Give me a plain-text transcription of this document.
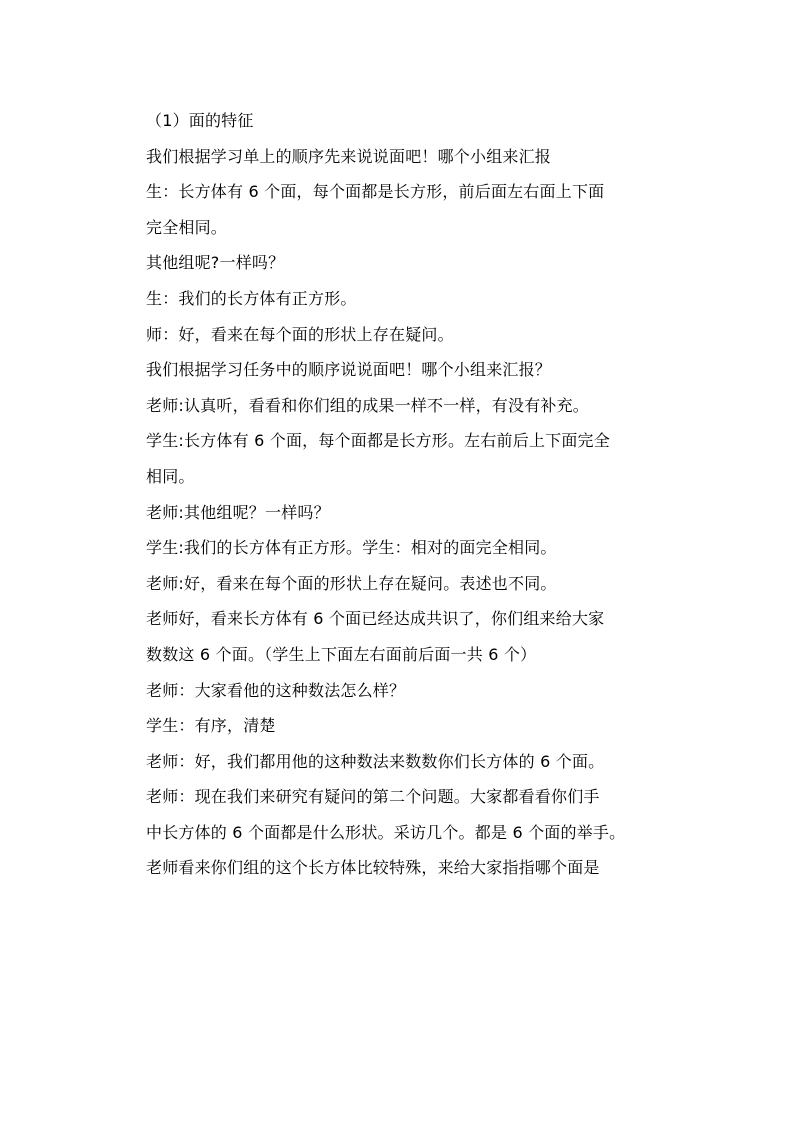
（1）面的特征
我们根据学习单上的顺序先来说说面吧！哪个小组来汇报
生：长方体有 6 个面，每个面都是长方形，前后面左右面上下面
完全相同。
其他组呢?一样吗？
生：我们的长方体有正方形。
师：好，看来在每个面的形状上存在疑问。
我们根据学习任务中的顺序说说面吧！哪个小组来汇报？
老师:认真听，看看和你们组的成果一样不一样，有没有补充。
学生:长方体有 6 个面，每个面都是长方形。左右前后上下面完全
相同。
老师:其他组呢？一样吗？
学生:我们的长方体有正方形。学生：相对的面完全相同。
老师:好，看来在每个面的形状上存在疑问。表述也不同。
老师好，看来长方体有 6 个面已经达成共识了，你们组来给大家
数数这 6 个面。（学生上下面左右面前后面一共 6 个）
老师：大家看他的这种数法怎么样？
学生：有序，清楚
老师：好，我们都用他的这种数法来数数你们长方体的 6 个面。
老师：现在我们来研究有疑问的第二个问题。大家都看看你们手
中长方体的 6 个面都是什么形状。采访几个。都是 6 个面的举手。
老师看来你们组的这个长方体比较特殊，来给大家指指哪个面是
